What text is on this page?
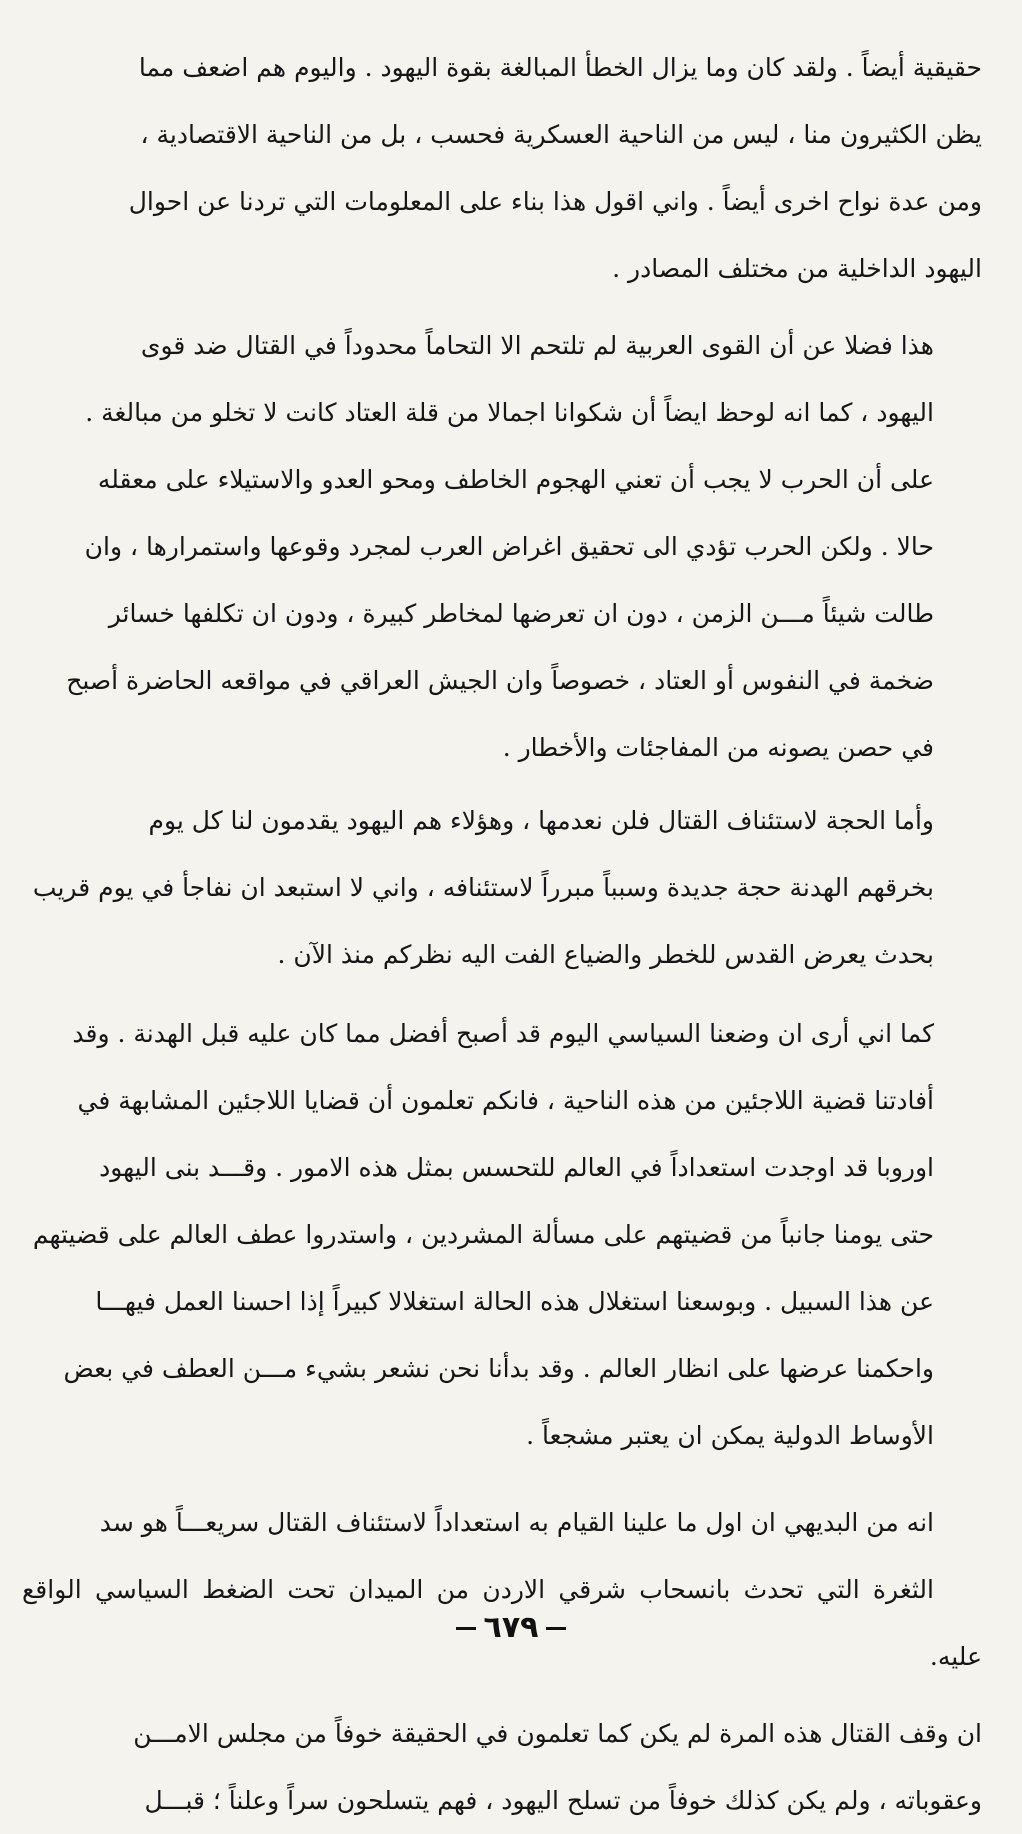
حقيقية أيضاً . ولقد كان وما يزال الخطأ المبالغة بقوة اليهود . واليوم هم اضعف مما
يظن الكثيرون منا ، ليس من الناحية العسكرية فحسب ، بل من الناحية الاقتصادية ،
ومن عدة نواح اخرى أيضاً . واني اقول هذا بناء على المعلومات التي تردنا عن احوال
اليهود الداخلية من مختلف المصادر .

هذا فضلا عن أن القوى العربية لم تلتحم الا التحاماً محدوداً في القتال ضد قوى
اليهود ، كما انه لوحظ ايضاً أن شكوانا اجمالا من قلة العتاد كانت لا تخلو من مبالغة .
على أن الحرب لا يجب أن تعني الهجوم الخاطف ومحو العدو والاستيلاء على معقله
حالا . ولكن الحرب تؤدي الى تحقيق اغراض العرب لمجرد وقوعها واستمرارها ، وان
طالت شيئاً مـــن الزمن ، دون ان تعرضها لمخاطر كبيرة ، ودون ان تكلفها خسائر
ضخمة في النفوس أو العتاد ، خصوصاً وان الجيش العراقي في مواقعه الحاضرة أصبح
في حصن يصونه من المفاجئات والأخطار .

وأما الحجة لاستئناف القتال فلن نعدمها ، وهؤلاء هم اليهود يقدمون لنا كل يوم
بخرقهم الهدنة حجة جديدة وسبباً مبرراً لاستئنافه ، واني لا استبعد ان نفاجأ في يوم قريب
بحدث يعرض القدس للخطر والضياع الفت اليه نظركم منذ الآن .

كما اني أرى ان وضعنا السياسي اليوم قد أصبح أفضل مما كان عليه قبل الهدنة . وقد
أفادتنا قضية اللاجئين من هذه الناحية ، فانكم تعلمون أن قضايا اللاجئين المشابهة في
اوروبا قد اوجدت استعداداً في العالم للتحسس بمثل هذه الامور . وقـــد بنى اليهود
حتى يومنا جانباً من قضيتهم على مسألة المشردين ، واستدروا عطف العالم على قضيتهم
عن هذا السبيل . وبوسعنا استغلال هذه الحالة استغلالا كبيراً إذا احسنا العمل فيهـــا
واحكمنا عرضها على انظار العالم . وقد بدأنا نحن نشعر بشيء مـــن العطف في بعض
الأوساط الدولية يمكن ان يعتبر مشجعاً .

انه من البديهي ان اول ما علينا القيام به استعداداً لاستئناف القتال سريعـــاً هو سد
الثغرة التي تحدث بانسحاب شرقي الاردن من الميدان تحت الضغط السياسي الواقع عليه.

ان وقف القتال هذه المرة لم يكن كما تعلمون في الحقيقة خوفاً من مجلس الامـــن
وعقوباته ، ولم يكن كذلك خوفاً من تسلح اليهود ، فهم يتسلحون سراً وعلناً ؛ قبـــل

٦٧٩
